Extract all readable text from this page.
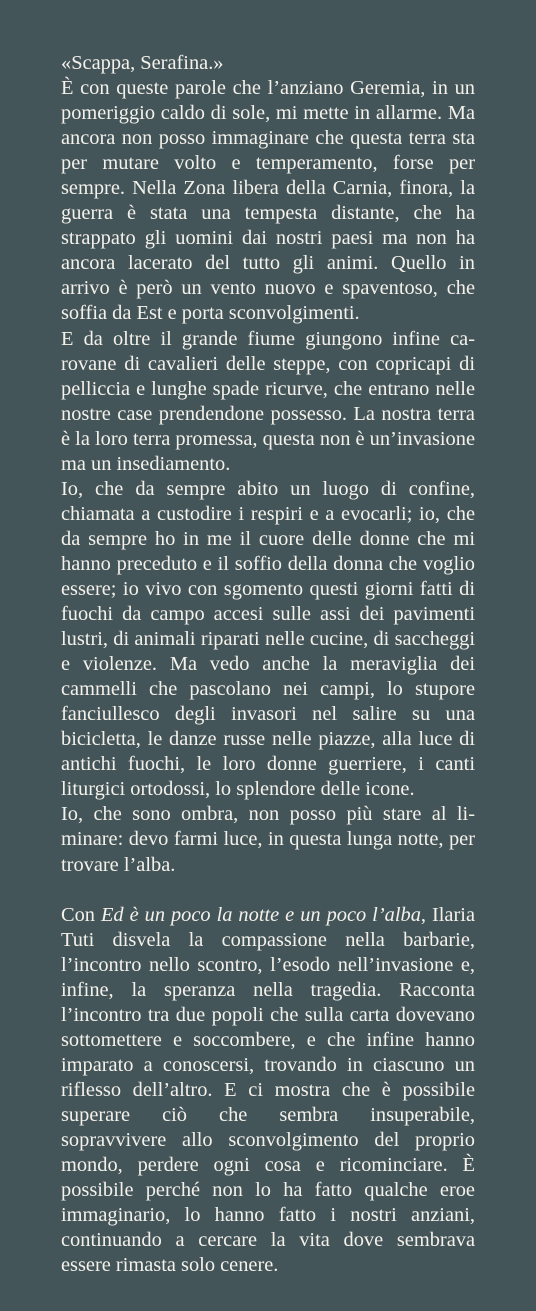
«Scappa, Serafina.»

È con queste parole che l’anziano Geremia, in un pomeriggio caldo di sole, mi mette in allarme. Ma ancora non posso immaginare che questa terra sta per mutare volto e temperamento, forse per sempre. Nella Zona libera della Carnia, finora, la guerra è stata una tempesta distante, che ha strappato gli uomini dai nostri paesi ma non ha ancora lacerato del tutto gli animi. Quello in arrivo è però un vento nuovo e spaventoso, che soffia da Est e porta sconvolgimenti.

E da oltre il grande fiume giungono infine carovane di cavalieri delle steppe, con copricapi di pelliccia e lunghe spade ricurve, che entrano nelle nostre case prendendone possesso. La nostra terra è la loro terra promessa, questa non è un’invasione ma un insediamento.

Io, che da sempre abito un luogo di confine, chiamata a custodire i respiri e a evocarli; io, che da sempre ho in me il cuore delle donne che mi hanno preceduto e il soffio della donna che voglio essere; io vivo con sgomento questi giorni fatti di fuochi da campo accesi sulle assi dei pavimenti lustri, di animali riparati nelle cucine, di saccheggi e violenze. Ma vedo anche la meraviglia dei cammelli che pascolano nei campi, lo stupore fanciullesco degli invasori nel salire su una bicicletta, le danze russe nelle piazze, alla luce di antichi fuochi, le loro donne guerriere, i canti liturgici ortodossi, lo splendore delle icone.

Io, che sono ombra, non posso più stare al liminare: devo farmi luce, in questa lunga notte, per trovare l’alba.

Con Ed è un poco la notte e un poco l’alba, Ilaria Tuti disvela la compassione nella barbarie, l’incontro nello scontro, l’esodo nell’invasione e, infine, la speranza nella tragedia. Racconta l’incontro tra due popoli che sulla carta dovevano sottomettere e soccombere, e che infine hanno imparato a conoscersi, trovando in ciascuno un riflesso dell’altro. E ci mostra che è possibile superare ciò che sembra insuperabile, sopravvivere allo sconvolgimento del proprio mondo, perdere ogni cosa e ricominciare. È possibile perché non lo ha fatto qualche eroe immaginario, lo hanno fatto i nostri anziani, continuando a cercare la vita dove sembrava essere rimasta solo cenere.
